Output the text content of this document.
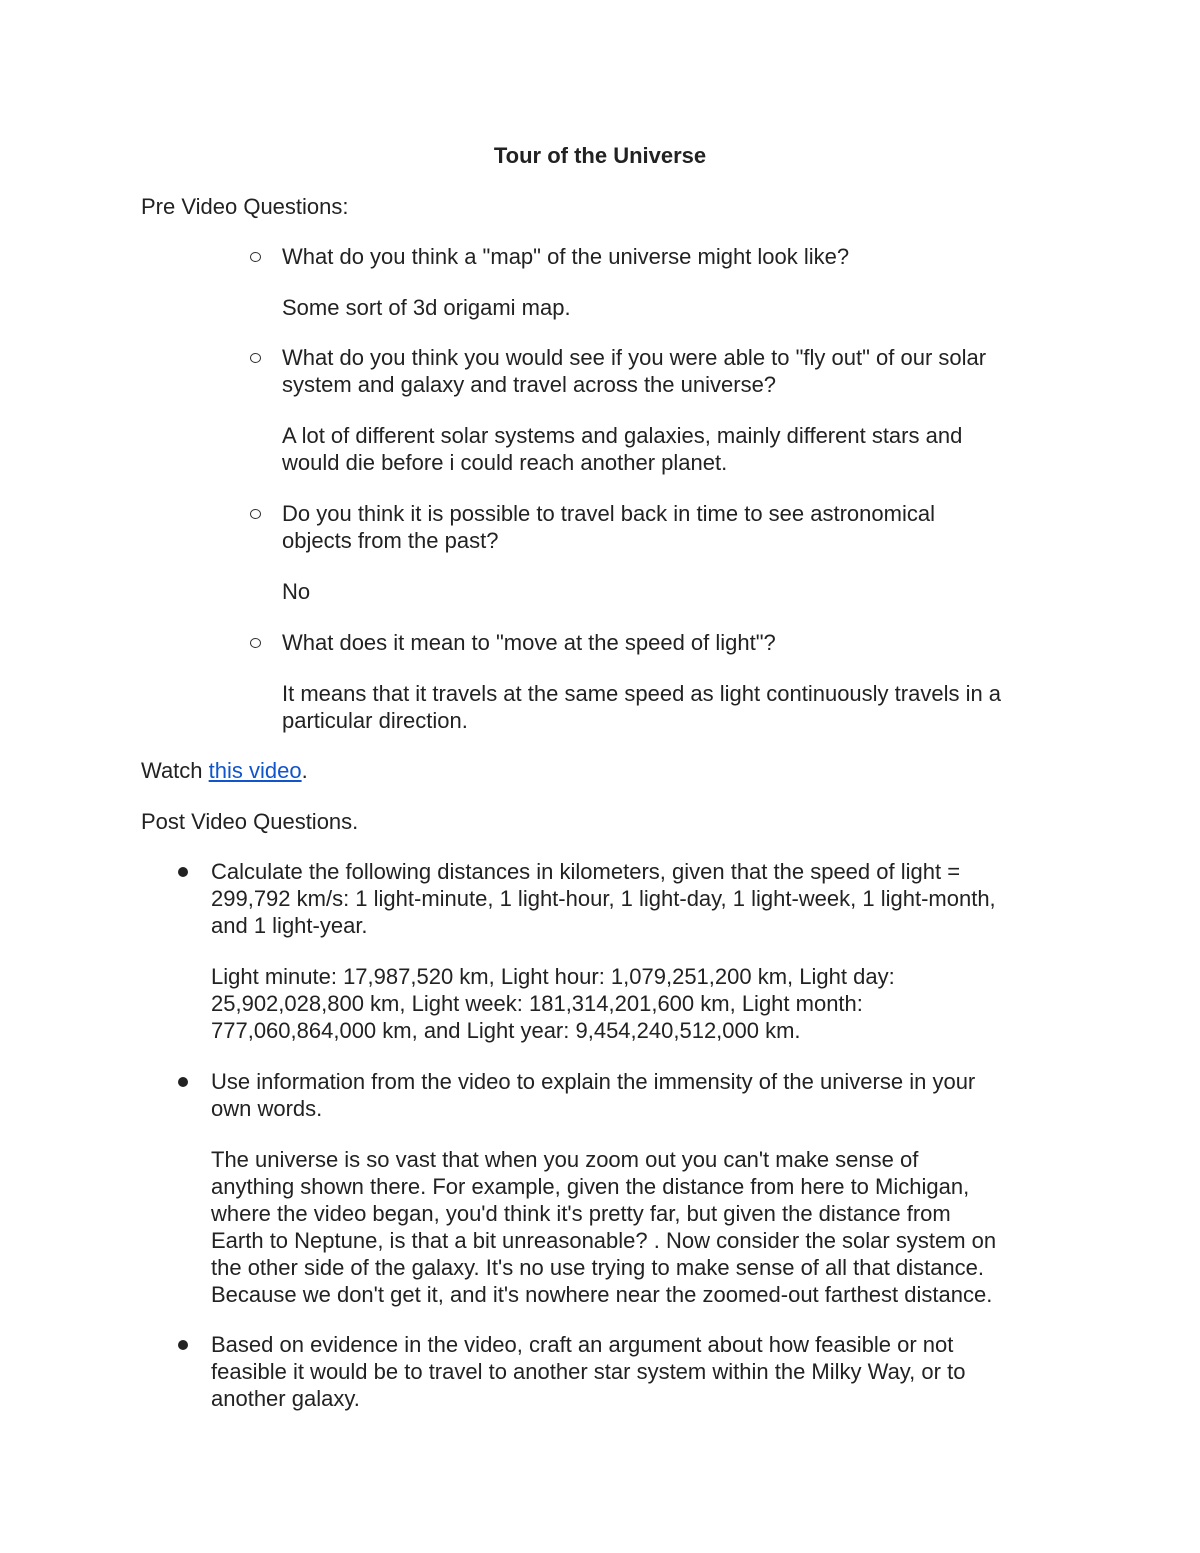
Tour of the Universe
Pre Video Questions:
What do you think a "map" of the universe might look like?
Some sort of 3d origami map.
What do you think you would see if you were able to "fly out" of our solar
system and galaxy and travel across the universe?
A lot of different solar systems and galaxies, mainly different stars and
would die before i could reach another planet.
Do you think it is possible to travel back in time to see astronomical
objects from the past?
No
What does it mean to "move at the speed of light"?
It means that it travels at the same speed as light continuously travels in a
particular direction.
Watch this video.
Post Video Questions.
Calculate the following distances in kilometers, given that the speed of light =
299,792 km/s: 1 light-minute, 1 light-hour, 1 light-day, 1 light-week, 1 light-month,
and 1 light-year.
Light minute: 17,987,520 km, Light hour: 1,079,251,200 km, Light day:
25,902,028,800 km, Light week: 181,314,201,600 km, Light month:
777,060,864,000 km, and Light year: 9,454,240,512,000 km.
Use information from the video to explain the immensity of the universe in your
own words.
The universe is so vast that when you zoom out you can't make sense of
anything shown there. For example, given the distance from here to Michigan,
where the video began, you'd think it's pretty far, but given the distance from
Earth to Neptune, is that a bit unreasonable? . Now consider the solar system on
the other side of the galaxy. It's no use trying to make sense of all that distance.
Because we don't get it, and it's nowhere near the zoomed-out farthest distance.
Based on evidence in the video, craft an argument about how feasible or not
feasible it would be to travel to another star system within the Milky Way, or to
another galaxy.
